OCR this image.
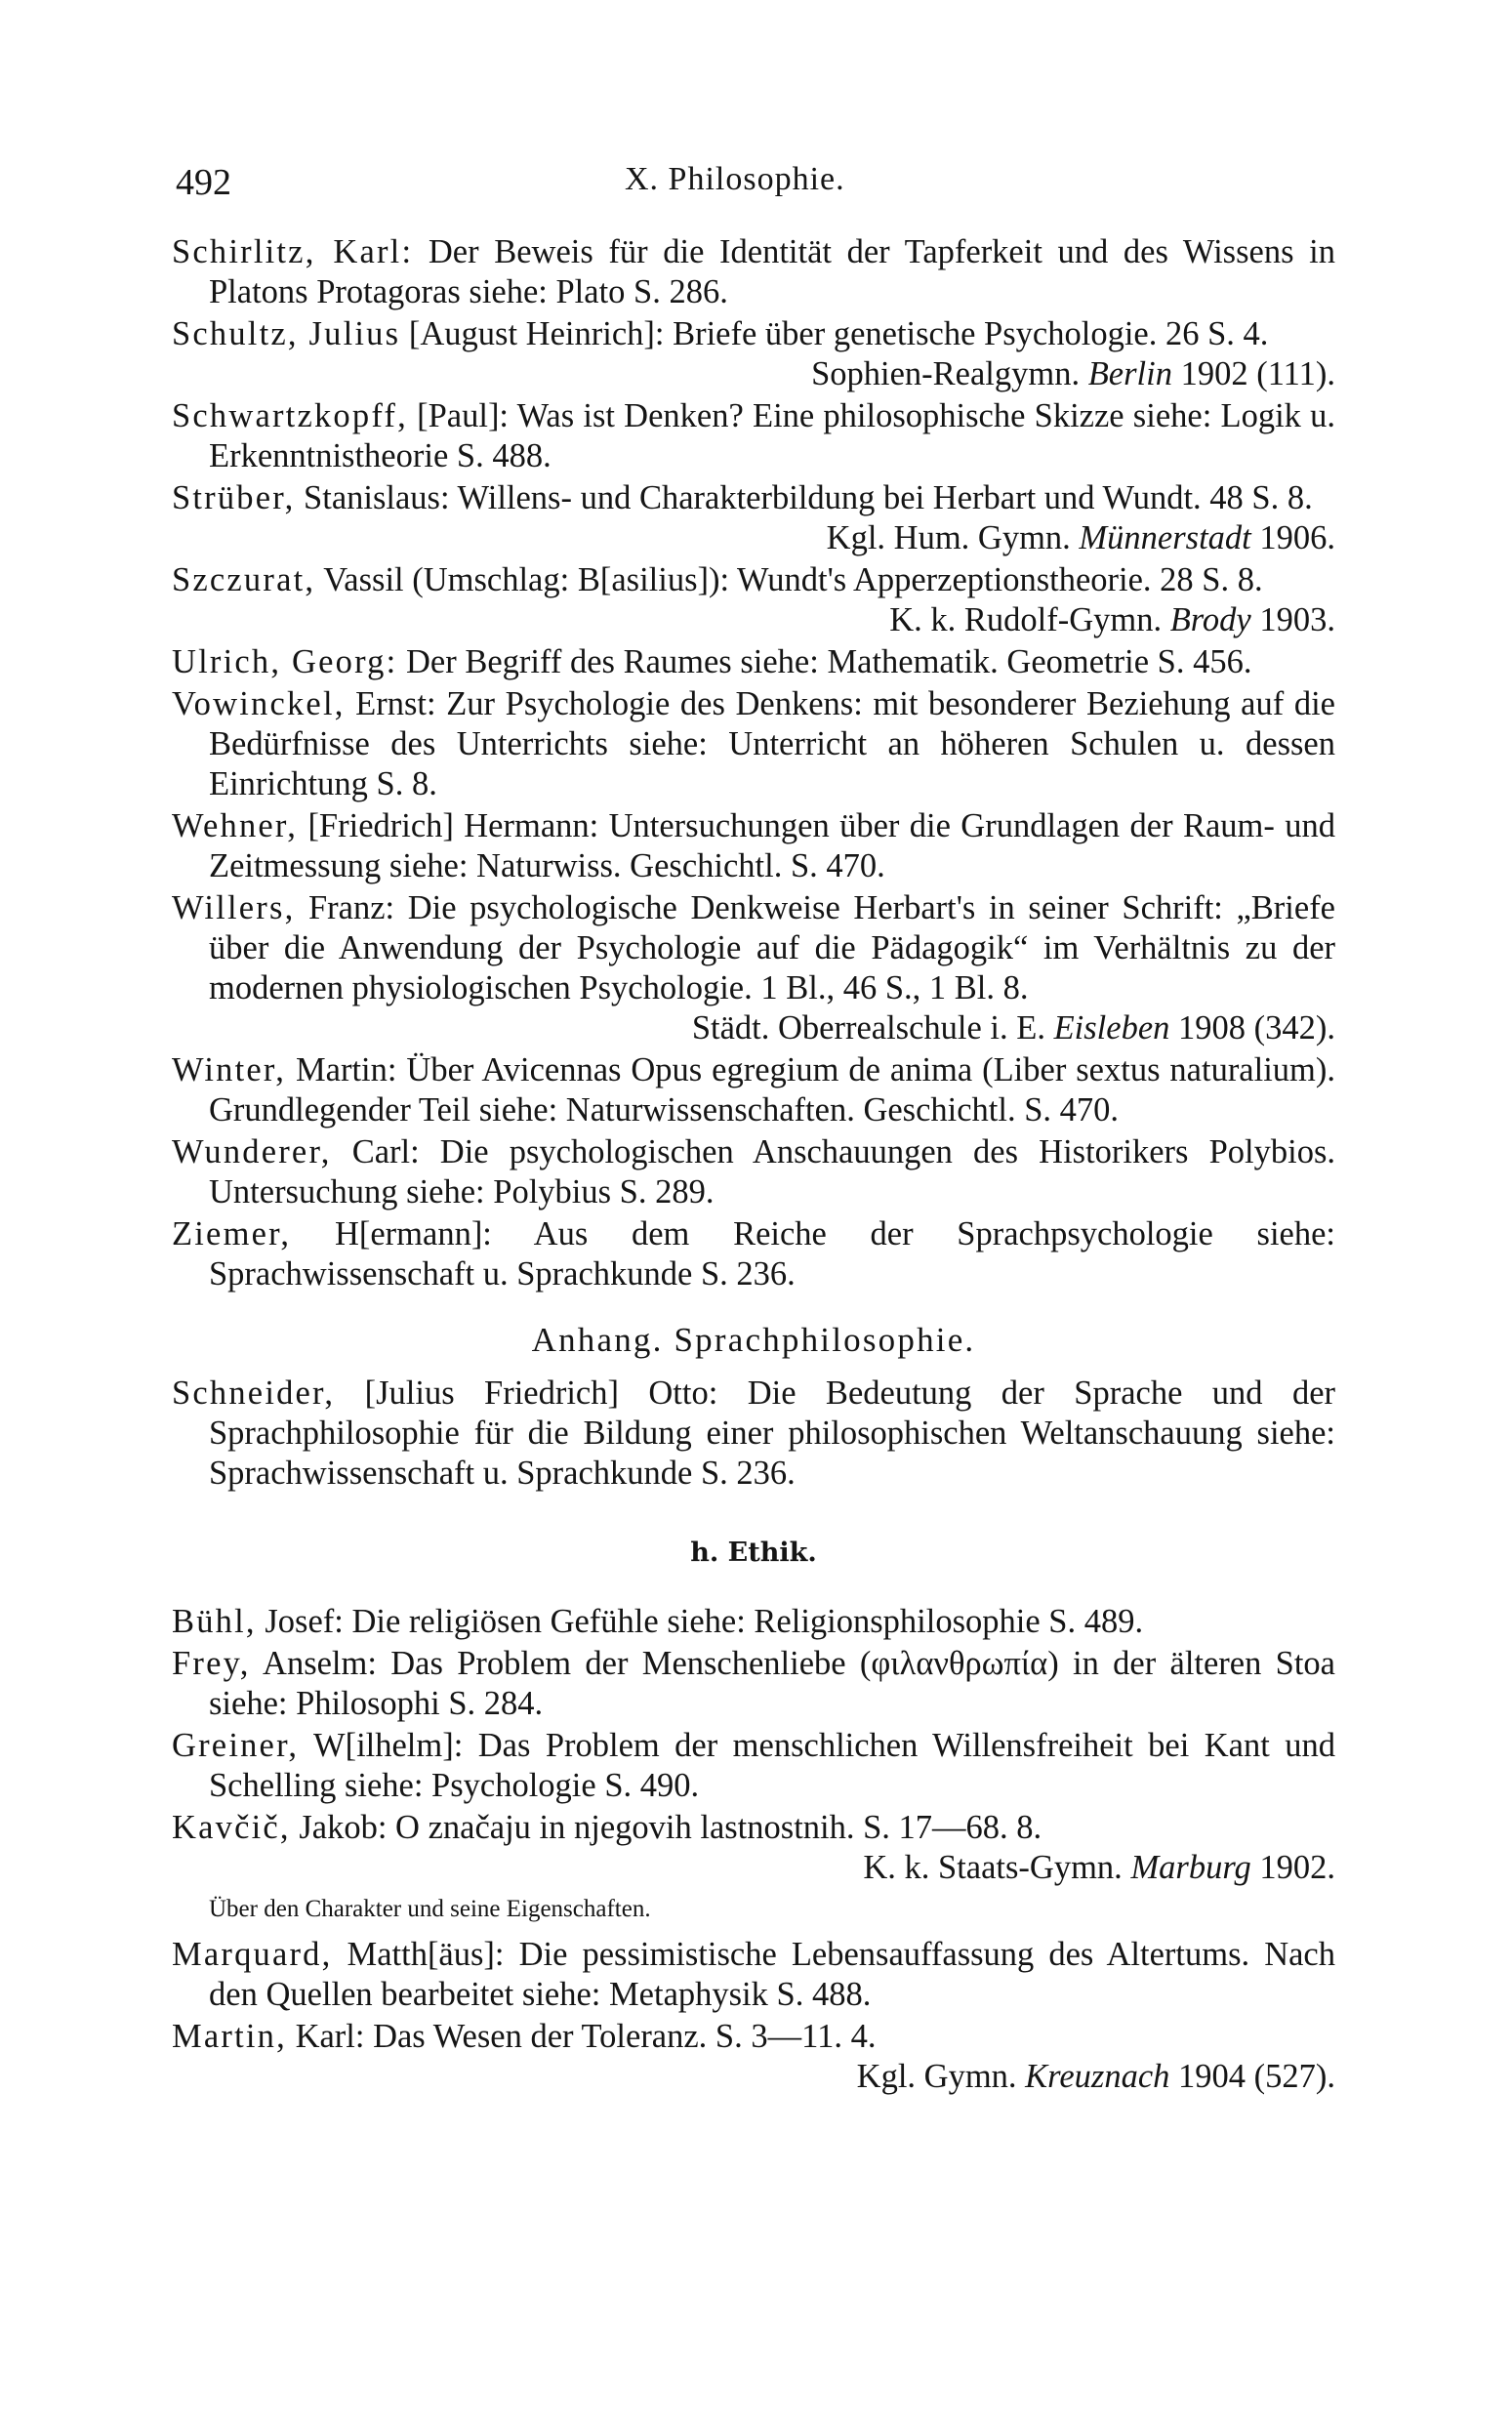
492	X. Philosophie.
Schirlitz, Karl: Der Beweis für die Identität der Tapferkeit und des Wissens in Platons Protagoras siehe: Plato S. 286.
Schultz, Julius [August Heinrich]: Briefe über genetische Psychologie. 26 S. 4.
Sophien-Realgymn. Berlin 1902 (111).
Schwartzkopff, [Paul]: Was ist Denken? Eine philosophische Skizze siehe: Logik u. Erkenntnistheorie S. 488.
Strüber, Stanislaus: Willens- und Charakterbildung bei Herbart und Wundt. 48 S. 8.
Kgl. Hum. Gymn. Münnerstadt 1906.
Szczurat, Vassil (Umschlag: B[asilius]): Wundt's Apperzeptionstheorie. 28 S. 8.
K. k. Rudolf-Gymn. Brody 1903.
Ulrich, Georg: Der Begriff des Raumes siehe: Mathematik. Geometrie S. 456.
Vowinckel, Ernst: Zur Psychologie des Denkens: mit besonderer Beziehung auf die Bedürfnisse des Unterrichts siehe: Unterricht an höheren Schulen u. dessen Einrichtung S. 8.
Wehner, [Friedrich] Hermann: Untersuchungen über die Grundlagen der Raum- und Zeitmessung siehe: Naturwiss. Geschichtl. S. 470.
Willers, Franz: Die psychologische Denkweise Herbart's in seiner Schrift: „Briefe über die Anwendung der Psychologie auf die Pädagogik“ im Verhältnis zu der modernen physiologischen Psychologie. 1 Bl., 46 S., 1 Bl. 8.
Städt. Oberrealschule i. E. Eisleben 1908 (342).
Winter, Martin: Über Avicennas Opus egregium de anima (Liber sextus naturalium). Grundlegender Teil siehe: Naturwissenschaften. Geschichtl. S. 470.
Wunderer, Carl: Die psychologischen Anschauungen des Historikers Polybios. Untersuchung siehe: Polybius S. 289.
Ziemer, H[ermann]: Aus dem Reiche der Sprachpsychologie siehe: Sprachwissenschaft u. Sprachkunde S. 236.
Anhang. Sprachphilosophie.
Schneider, [Julius Friedrich] Otto: Die Bedeutung der Sprache und der Sprachphilosophie für die Bildung einer philosophischen Weltanschauung siehe: Sprachwissenschaft u. Sprachkunde S. 236.
h. Ethik.
Bühl, Josef: Die religiösen Gefühle siehe: Religionsphilosophie S. 489.
Frey, Anselm: Das Problem der Menschenliebe (φιλανθρωπία) in der älteren Stoa siehe: Philosophi S. 284.
Greiner, W[ilhelm]: Das Problem der menschlichen Willensfreiheit bei Kant und Schelling siehe: Psychologie S. 490.
Kavčič, Jakob: O značaju in njegovih lastnostnih. S. 17—68. 8.
K. k. Staats-Gymn. Marburg 1902.
Über den Charakter und seine Eigenschaften.
Marquard, Matth[äus]: Die pessimistische Lebensauffassung des Altertums. Nach den Quellen bearbeitet siehe: Metaphysik S. 488.
Martin, Karl: Das Wesen der Toleranz. S. 3—11. 4.
Kgl. Gymn. Kreuznach 1904 (527).
